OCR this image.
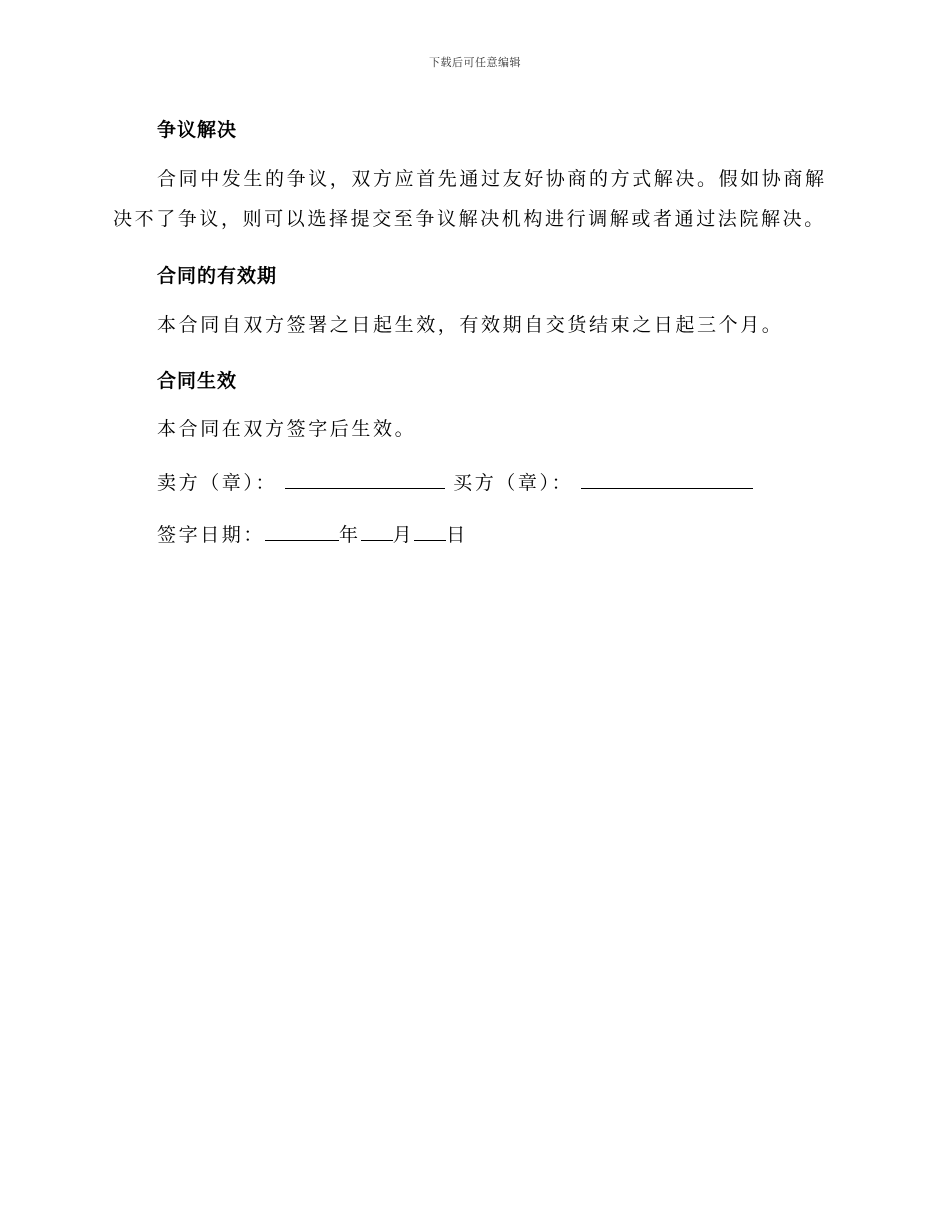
下载后可任意编辑
争议解决
合同中发生的争议，双方应首先通过友好协商的方式解决。假如协商解决不了争议，则可以选择提交至争议解决机构进行调解或者通过法院解决。
合同的有效期
本合同自双方签署之日起生效，有效期自交货结束之日起三个月。
合同生效
本合同在双方签字后生效。
卖方（章）：	买方（章）：
签字日期：	年 月 日
